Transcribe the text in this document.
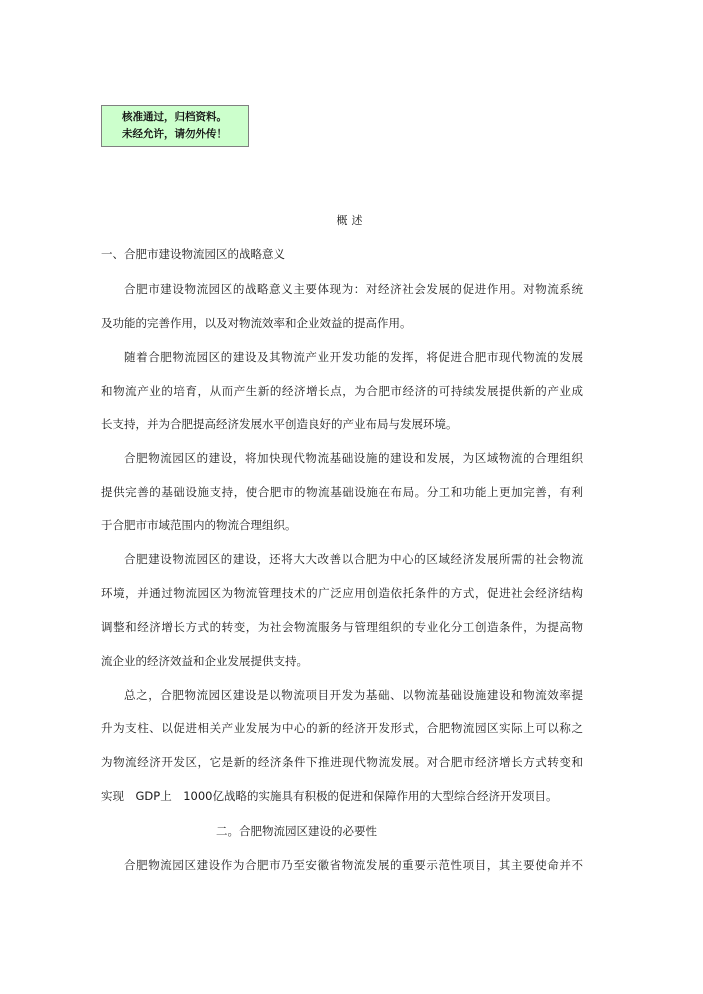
核准通过，归档资料。
未经允许，请勿外传！
概述
一、合肥市建设物流园区的战略意义
合肥市建设物流园区的战略意义主要体现为：对经济社会发展的促进作用。对物流系统
及功能的完善作用，以及对物流效率和企业效益的提高作用。
随着合肥物流园区的建设及其物流产业开发功能的发挥，将促进合肥市现代物流的发展
和物流产业的培育，从而产生新的经济增长点，为合肥市经济的可持续发展提供新的产业成
长支持，并为合肥提高经济发展水平创造良好的产业布局与发展环境。
合肥物流园区的建设，将加快现代物流基础设施的建设和发展，为区域物流的合理组织
提供完善的基础设施支持，使合肥市的物流基础设施在布局。分工和功能上更加完善，有利
于合肥市市域范围内的物流合理组织。
合肥建设物流园区的建设，还将大大改善以合肥为中心的区域经济发展所需的社会物流
环境，并通过物流园区为物流管理技术的广泛应用创造依托条件的方式，促进社会经济结构
调整和经济增长方式的转变，为社会物流服务与管理组织的专业化分工创造条件，为提高物
流企业的经济效益和企业发展提供支持。
总之，合肥物流园区建设是以物流项目开发为基础、以物流基础设施建设和物流效率提
升为支柱、以促进相关产业发展为中心的新的经济开发形式，合肥物流园区实际上可以称之
为物流经济开发区，它是新的经济条件下推进现代物流发展。对合肥市经济增长方式转变和
实现　GDP上　1000亿战略的实施具有积极的促进和保障作用的大型综合经济开发项目。
二。合肥物流园区建设的必要性
合肥物流园区建设作为合肥市乃至安徽省物流发展的重要示范性项目，其主要使命并不
